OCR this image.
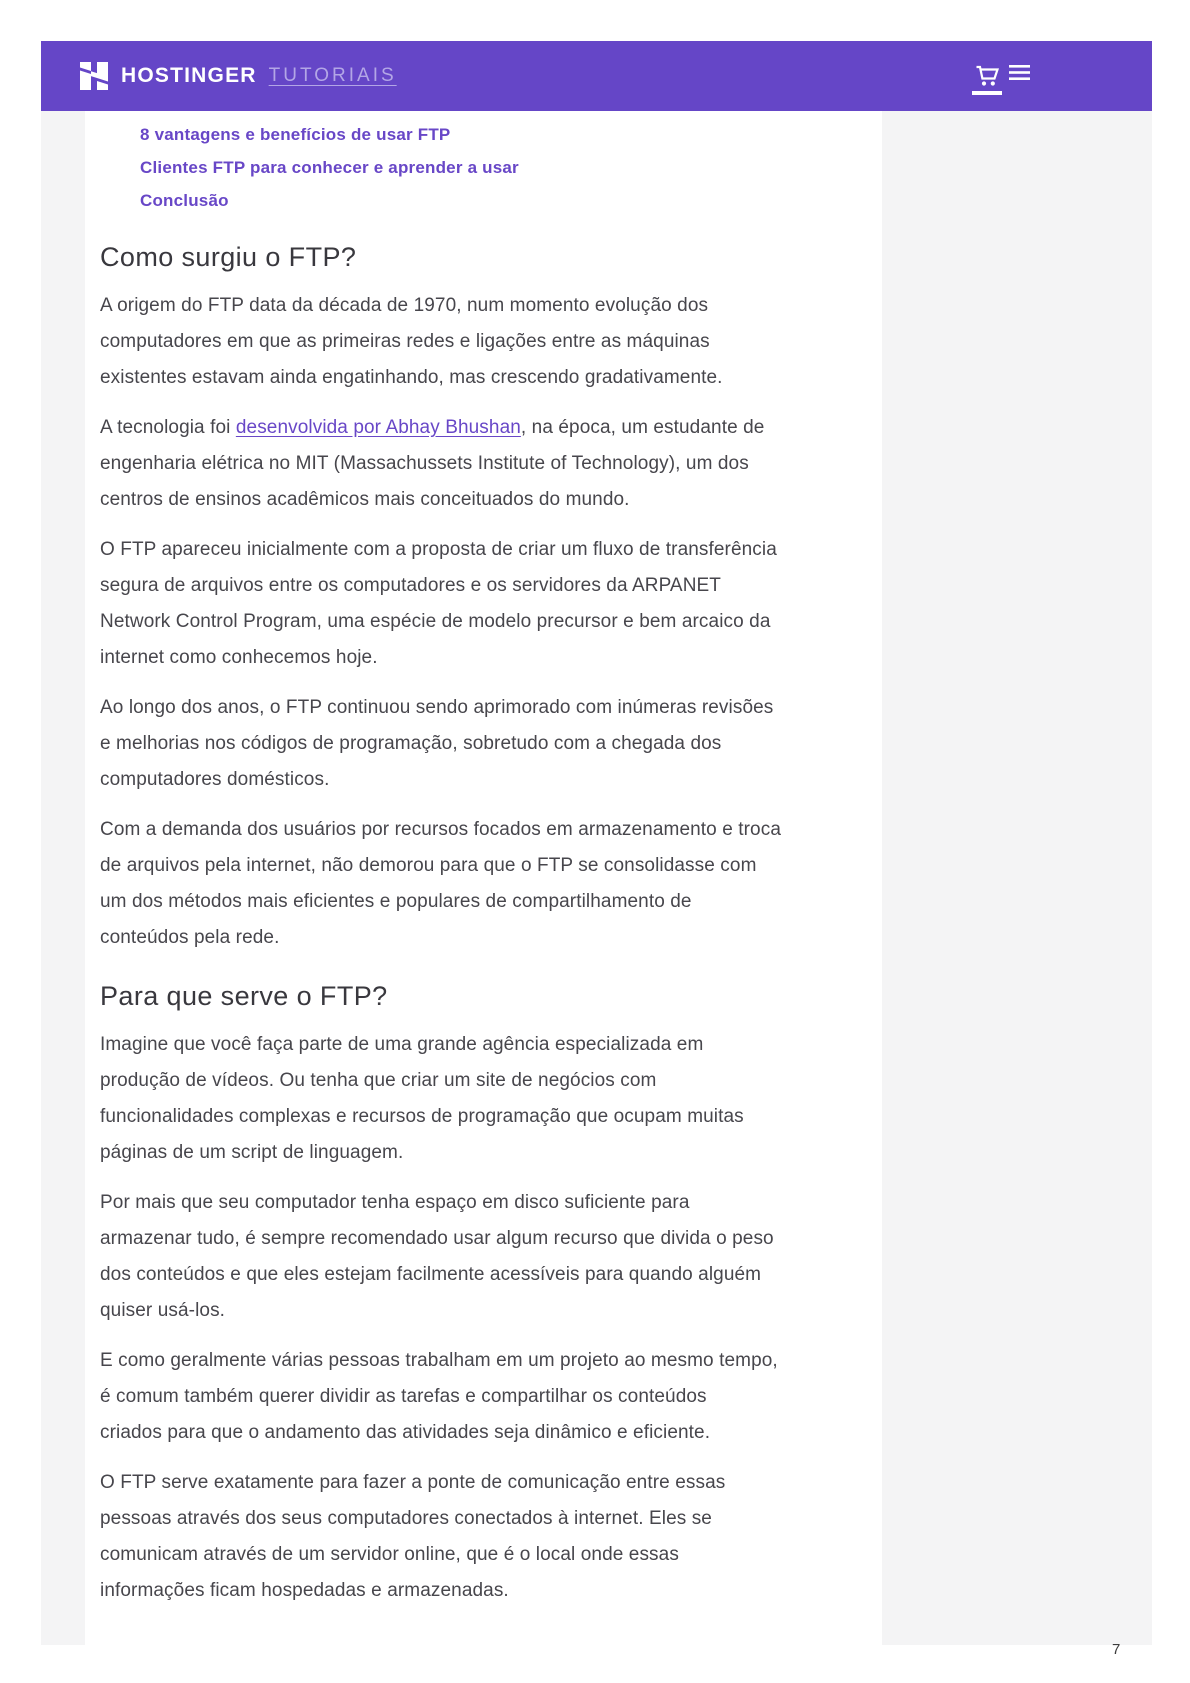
HOSTINGER TUTORIAIS
8 vantagens e benefícios de usar FTP
Clientes FTP para conhecer e aprender a usar
Conclusão
Como surgiu o FTP?
A origem do FTP data da década de 1970, num momento evolução dos
computadores em que as primeiras redes e ligações entre as máquinas
existentes estavam ainda engatinhando, mas crescendo gradativamente.
A tecnologia foi desenvolvida por Abhay Bhushan, na época, um estudante de
engenharia elétrica no MIT (Massachussets Institute of Technology), um dos
centros de ensinos acadêmicos mais conceituados do mundo.
O FTP apareceu inicialmente com a proposta de criar um fluxo de transferência
segura de arquivos entre os computadores e os servidores da ARPANET
Network Control Program, uma espécie de modelo precursor e bem arcaico da
internet como conhecemos hoje.
Ao longo dos anos, o FTP continuou sendo aprimorado com inúmeras revisões
e melhorias nos códigos de programação, sobretudo com a chegada dos
computadores domésticos.
Com a demanda dos usuários por recursos focados em armazenamento e troca
de arquivos pela internet, não demorou para que o FTP se consolidasse com
um dos métodos mais eficientes e populares de compartilhamento de
conteúdos pela rede.
Para que serve o FTP?
Imagine que você faça parte de uma grande agência especializada em
produção de vídeos. Ou tenha que criar um site de negócios com
funcionalidades complexas e recursos de programação que ocupam muitas
páginas de um script de linguagem.
Por mais que seu computador tenha espaço em disco suficiente para
armazenar tudo, é sempre recomendado usar algum recurso que divida o peso
dos conteúdos e que eles estejam facilmente acessíveis para quando alguém
quiser usá-los.
E como geralmente várias pessoas trabalham em um projeto ao mesmo tempo,
é comum também querer dividir as tarefas e compartilhar os conteúdos
criados para que o andamento das atividades seja dinâmico e eficiente.
O FTP serve exatamente para fazer a ponte de comunicação entre essas
pessoas através dos seus computadores conectados à internet. Eles se
comunicam através de um servidor online, que é o local onde essas
informações ficam hospedadas e armazenadas.
7
